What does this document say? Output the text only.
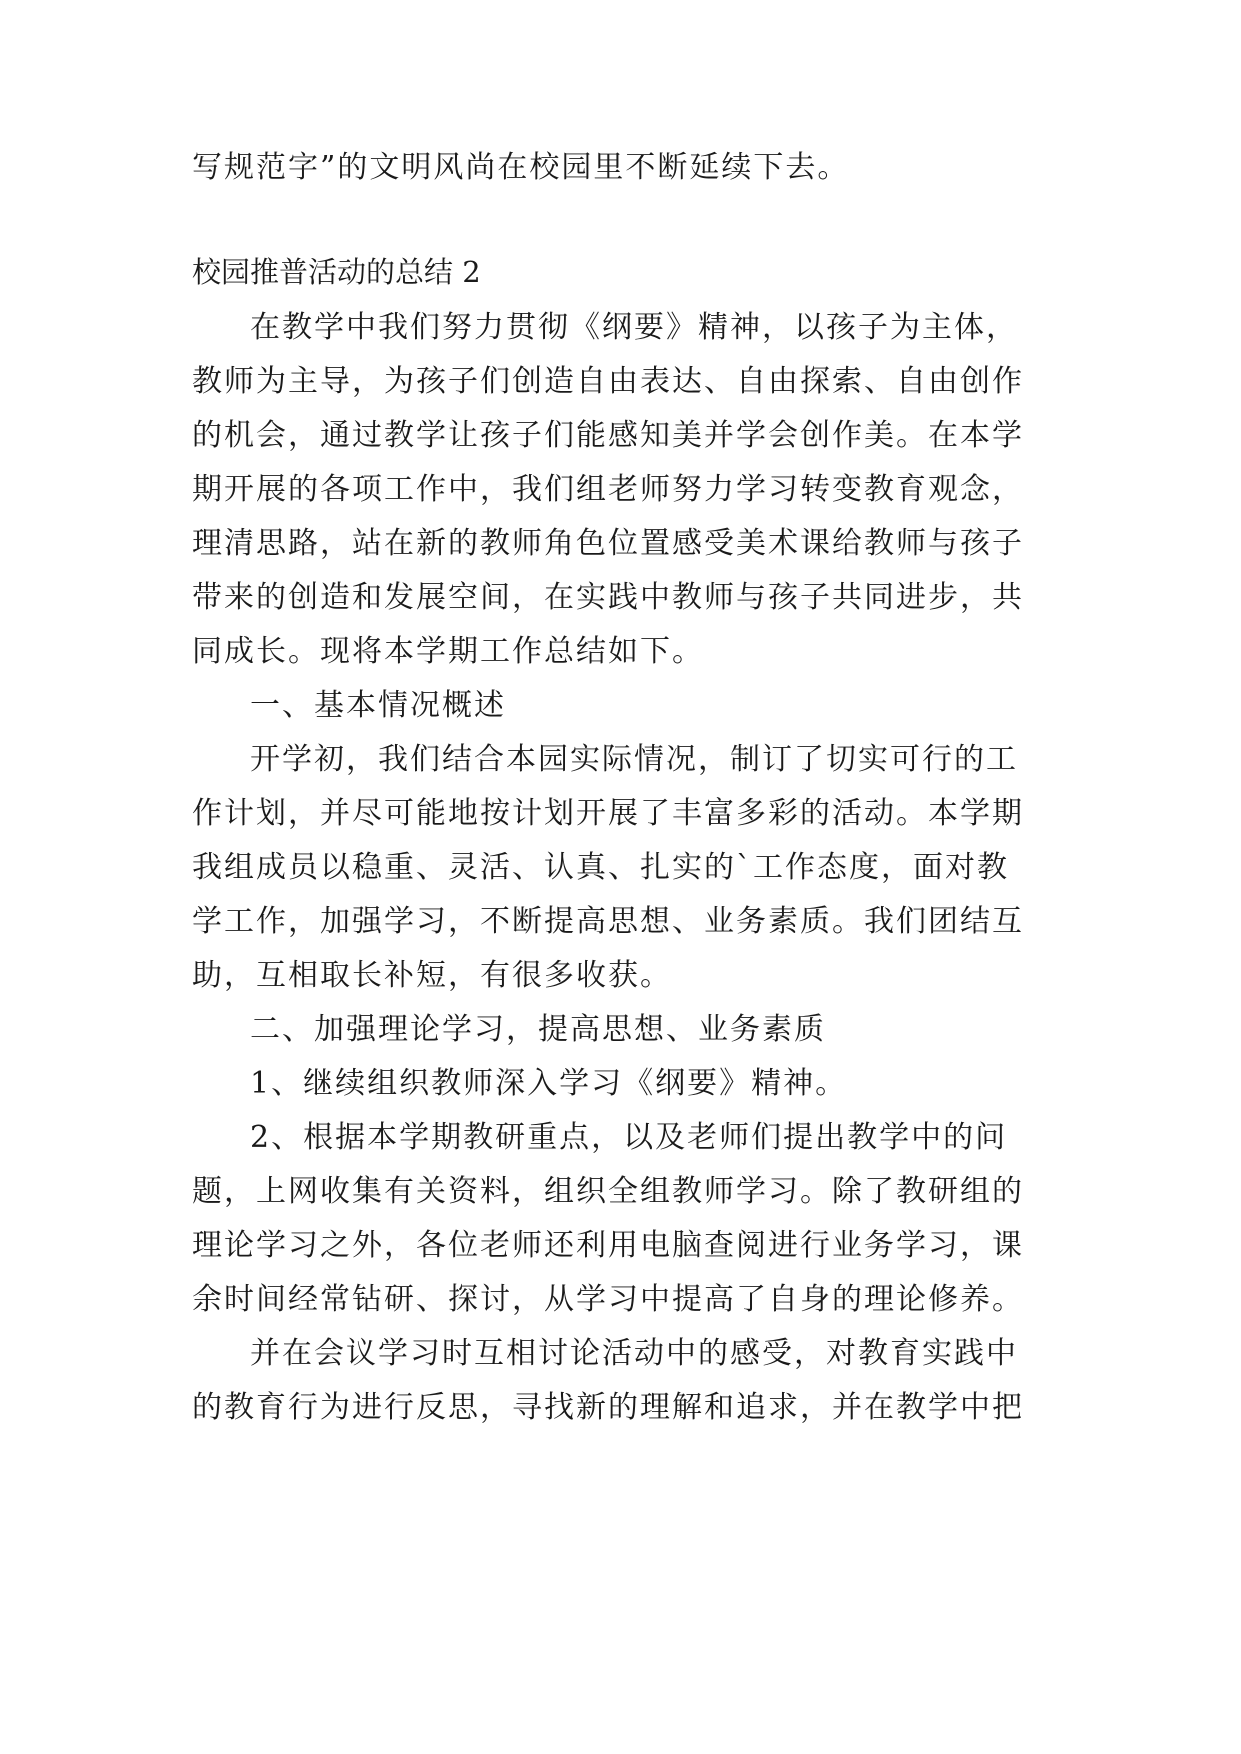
写规范字”的文明风尚在校园里不断延续下去。
校园推普活动的总结 2
在教学中我们努力贯彻《纲要》精神，以孩子为主体，
教师为主导，为孩子们创造自由表达、自由探索、自由创作
的机会，通过教学让孩子们能感知美并学会创作美。在本学
期开展的各项工作中，我们组老师努力学习转变教育观念，
理清思路，站在新的教师角色位置感受美术课给教师与孩子
带来的创造和发展空间，在实践中教师与孩子共同进步，共
同成长。现将本学期工作总结如下。
一、基本情况概述
开学初，我们结合本园实际情况，制订了切实可行的工
作计划，并尽可能地按计划开展了丰富多彩的活动。本学期
我组成员以稳重、灵活、认真、扎实的`工作态度，面对教
学工作，加强学习，不断提高思想、业务素质。我们团结互
助，互相取长补短，有很多收获。
二、加强理论学习，提高思想、业务素质
1、继续组织教师深入学习《纲要》精神。
2、根据本学期教研重点，以及老师们提出教学中的问
题，上网收集有关资料，组织全组教师学习。除了教研组的
理论学习之外，各位老师还利用电脑查阅进行业务学习，课
余时间经常钻研、探讨，从学习中提高了自身的理论修养。
并在会议学习时互相讨论活动中的感受，对教育实践中
的教育行为进行反思，寻找新的理解和追求，并在教学中把
